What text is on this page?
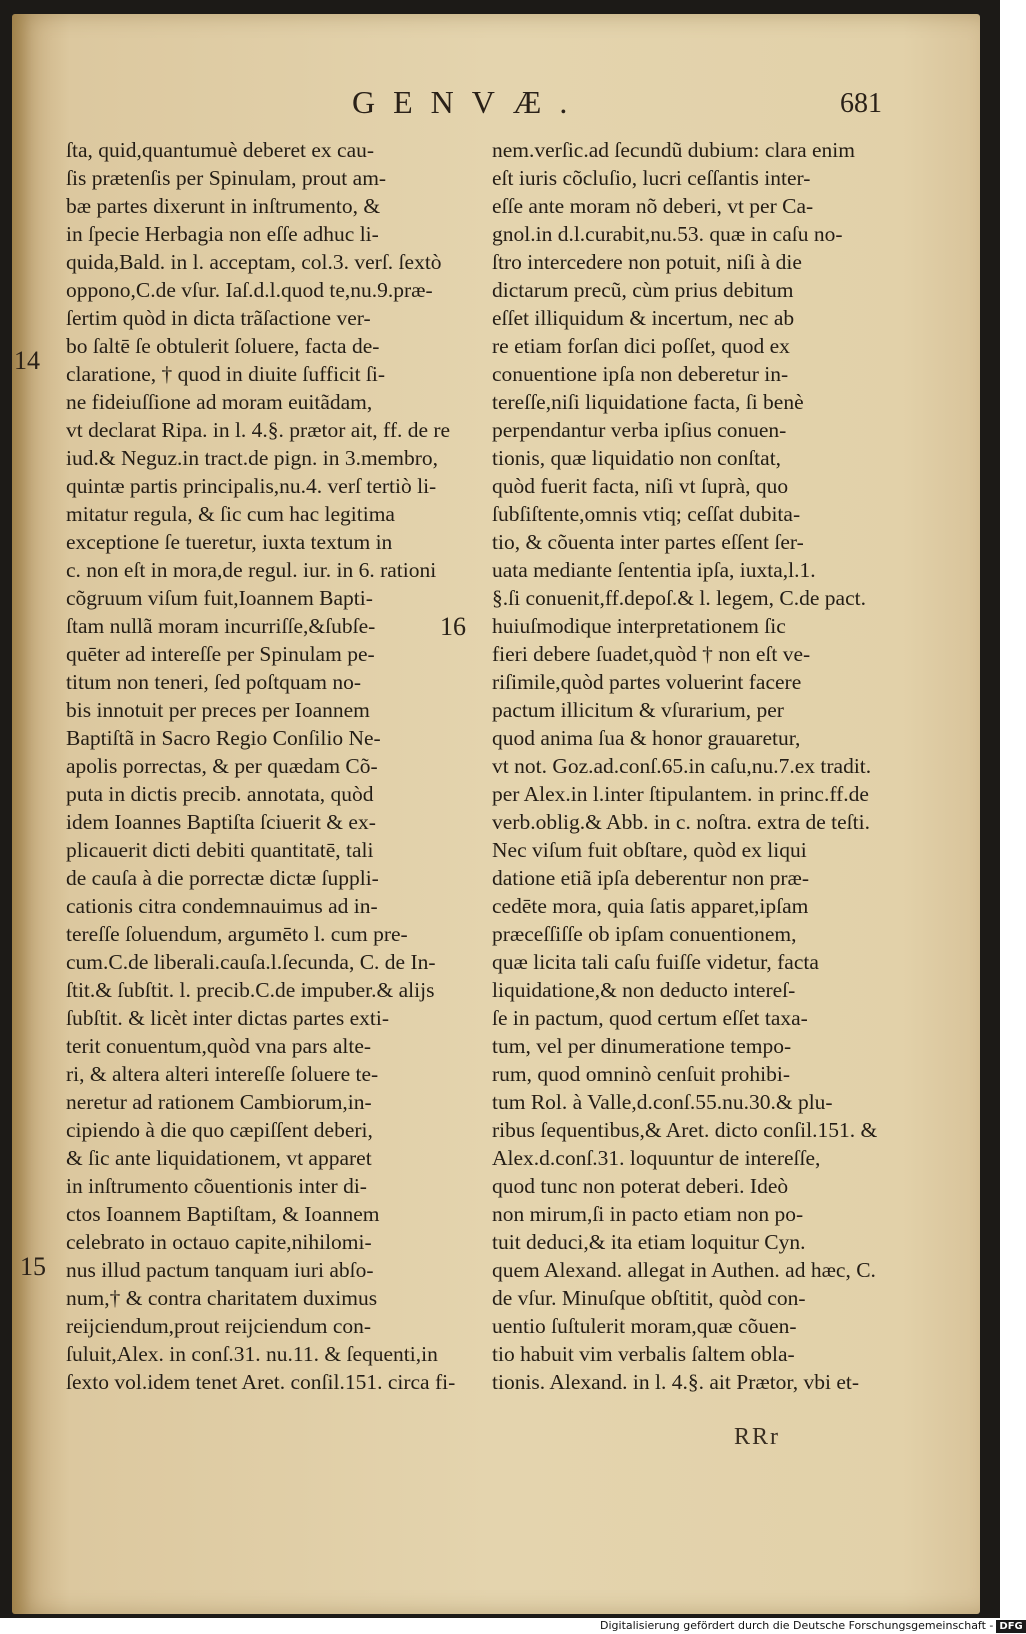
GENVÆ.	681
14
16
15
ſta, quid,quantumuè deberet ex cau-
ſis prætenſis per Spinulam, prout am-
bæ partes dixerunt in inſtrumento, &
in ſpecie Herbagia non eſſe adhuc li-
quida,Bald. in l. acceptam, col.3. verſ. ſextò
oppono,C.de vſur. Iaſ.d.l.quod te,nu.9.præ-
ſertim quòd in dicta trãſactione ver-
bo ſaltē ſe obtulerit ſoluere, facta de-
claratione, † quod in diuite ſufficit ſi-
ne fideiuſſione ad moram euitãdam,
vt declarat Ripa. in l. 4.§. prætor ait, ff. de re
iud.& Neguz.in tract.de pign. in 3.membro,
quintæ partis principalis,nu.4. verſ tertiò li-
mitatur regula, & ſic cum hac legitima
exceptione ſe tueretur, iuxta textum in
c. non eſt in mora,de regul. iur. in 6. rationi
cõgruum viſum fuit,Ioannem Bapti-
ſtam nullã moram incurriſſe,&ſubſe-
quēter ad intereſſe per Spinulam pe-
titum non teneri, ſed poſtquam no-
bis innotuit per preces per Ioannem
Baptiſtã in Sacro Regio Conſilio Ne-
apolis porrectas, & per quædam Cõ-
puta in dictis precib. annotata, quòd
idem Ioannes Baptiſta ſciuerit & ex-
plicauerit dicti debiti quantitatē, tali
de cauſa à die porrectæ dictæ ſuppli-
cationis citra condemnauimus ad in-
tereſſe ſoluendum, argumēto l. cum pre-
cum.C.de liberali.cauſa.l.ſecunda, C. de In-
ſtit.& ſubſtit. l. precib.C.de impuber.& alijs
ſubſtit. & licèt inter dictas partes exti-
terit conuentum,quòd vna pars alte-
ri, & altera alteri intereſſe ſoluere te-
neretur ad rationem Cambiorum,in-
cipiendo à die quo cæpiſſent deberi,
& ſic ante liquidationem, vt apparet
in inſtrumento cõuentionis inter di-
ctos Ioannem Baptiſtam, & Ioannem
celebrato in octauo capite,nihilomi-
nus illud pactum tanquam iuri abſo-
num,† & contra charitatem duximus
reijciendum,prout reijciendum con-
ſuluit,Alex. in conſ.31. nu.11. & ſequenti,in
ſexto vol.idem tenet Aret. conſil.151. circa fi-
nem.verſic.ad ſecundũ dubium: clara enim
eſt iuris cõcluſio, lucri ceſſantis inter-
eſſe ante moram nõ deberi, vt per Ca-
gnol.in d.l.curabit,nu.53. quæ in caſu no-
ſtro intercedere non potuit, niſi à die
dictarum precũ, cùm prius debitum
eſſet illiquidum & incertum, nec ab
re etiam forſan dici poſſet, quod ex
conuentione ipſa non deberetur in-
tereſſe,niſi liquidatione facta, ſi benè
perpendantur verba ipſius conuen-
tionis, quæ liquidatio non conſtat,
quòd fuerit facta, niſi vt ſuprà, quo
ſubſiſtente,omnis vtiq; ceſſat dubita-
tio, & cõuenta inter partes eſſent ſer-
uata mediante ſententia ipſa, iuxta,l.1.
§.ſi conuenit,ff.depoſ.& l. legem, C.de pact.
huiuſmodique interpretationem ſic
fieri debere ſuadet,quòd † non eſt ve-
riſimile,quòd partes voluerint facere
pactum illicitum & vſurarium, per
quod anima ſua & honor grauaretur,
vt not. Goz.ad.conſ.65.in caſu,nu.7.ex tradit.
per Alex.in l.inter ſtipulantem. in princ.ff.de
verb.oblig.& Abb. in c. noſtra. extra de teſti.
Nec viſum fuit obſtare, quòd ex liqui
datione etiã ipſa deberentur non præ-
cedēte mora, quia ſatis apparet,ipſam
præceſſiſſe ob ipſam conuentionem,
quæ licita tali caſu fuiſſe videtur, facta
liquidatione,& non deducto intereſ-
ſe in pactum, quod certum eſſet taxa-
tum, vel per dinumeratione tempo-
rum, quod omninò cenſuit prohibi-
tum Rol. à Valle,d.conſ.55.nu.30.& plu-
ribus ſequentibus,& Aret. dicto conſil.151. &
Alex.d.conſ.31. loquuntur de intereſſe,
quod tunc non poterat deberi. Ideò
non mirum,ſi in pacto etiam non po-
tuit deduci,& ita etiam loquitur Cyn.
quem Alexand. allegat in Authen. ad hæc, C.
de vſur. Minuſque obſtitit, quòd con-
uentio ſuſtulerit moram,quæ cõuen-
tio habuit vim verbalis ſaltem obla-
tionis. Alexand. in l. 4.§. ait Prætor, vbi et-
RRr
Digitalisierung gefördert durch die Deutsche Forschungsgemeinschaft - DFG
